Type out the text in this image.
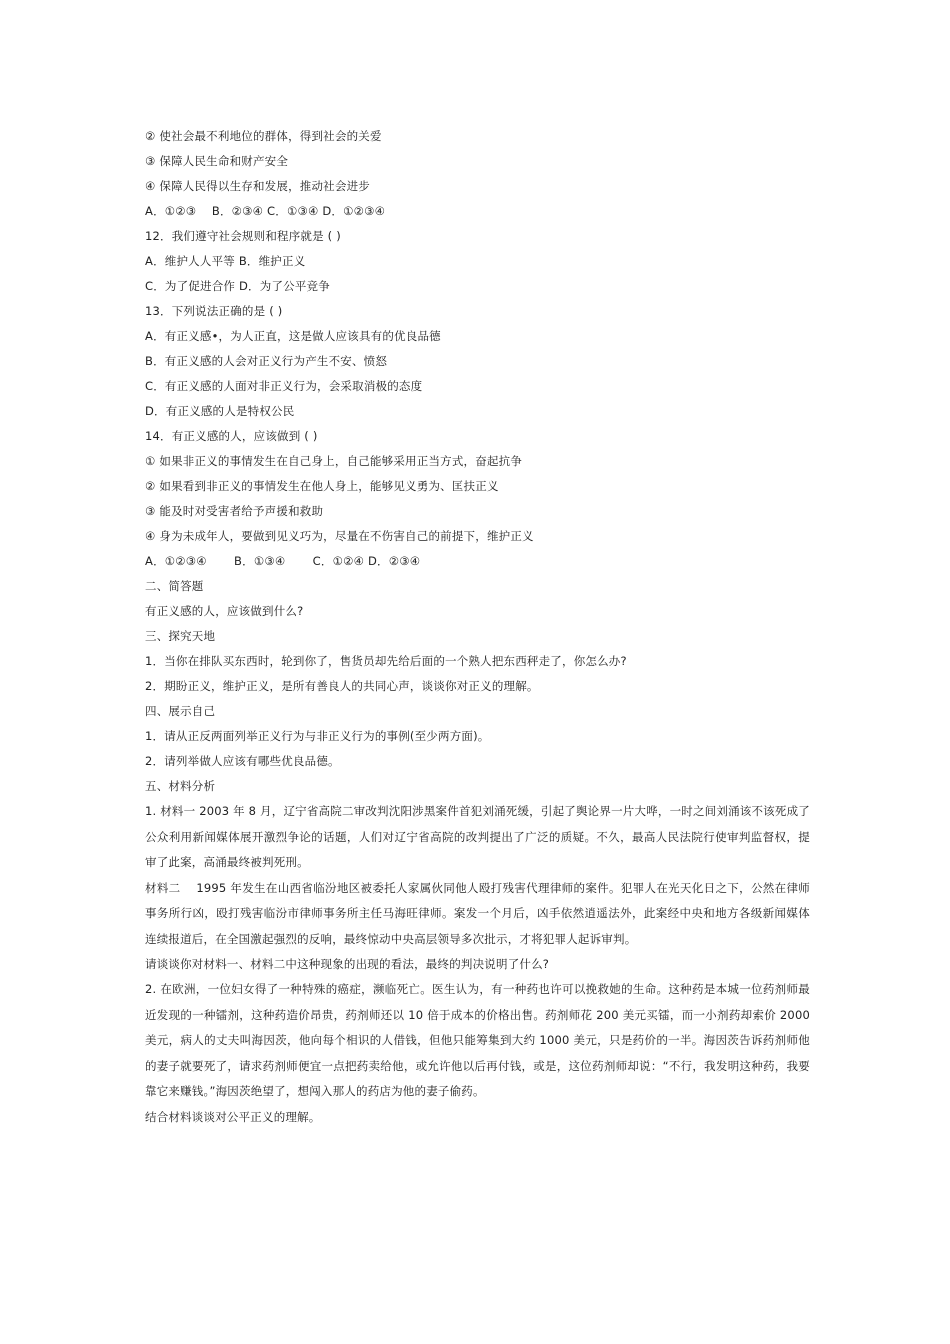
② 使社会最不利地位的群体，得到社会的关爱
③ 保障人民生命和财产安全
④ 保障人民得以生存和发展，推动社会进步
A．①②③　 B．②③④ C．①③④ D．①②③④
12．我们遵守社会规则和程序就是 ( )
A．维护人人平等 B．维护正义
C．为了促进合作 D．为了公平竞争
13．下列说法正确的是 ( )
A．有正义感•，为人正直，这是做人应该具有的优良品德
B．有正义感的人会对正义行为产生不安、愤怒
C．有正义感的人面对非正义行为，会采取消极的态度
D．有正义感的人是特权公民
14．有正义感的人，应该做到 ( )
① 如果非正义的事情发生在自己身上，自己能够采用正当方式，奋起抗争
② 如果看到非正义的事情发生在他人身上，能够见义勇为、匡扶正义
③ 能及时对受害者给予声援和救助
④ 身为未成年人，要做到见义巧为，尽量在不伤害自己的前提下，维护正义
A．①②③④　　 B．①③④　　 C．①②④ D．②③④
二、简答题
有正义感的人，应该做到什么?
三、探究天地
1．当你在排队买东西时，轮到你了，售货员却先给后面的一个熟人把东西秤走了，你怎么办?
2．期盼正义，维护正义，是所有善良人的共同心声，谈谈你对正义的理解。
四、展示自己
1．请从正反两面列举正义行为与非正义行为的事例(至少两方面)。
2．请列举做人应该有哪些优良品德。
五、材料分析

1. 材料一 2003 年 8 月，辽宁省高院二审改判沈阳涉黑案件首犯刘涌死缓，引起了舆论界一片大哗，一时之间刘涌该不该死成了公众利用新闻媒体展开激烈争论的话题，人们对辽宁省高院的改判提出了广泛的质疑。不久，最高人民法院行使审判监督权，提审了此案，高涌最终被判死刑。

材料二　 1995 年发生在山西省临汾地区被委托人家属伙同他人殴打残害代理律师的案件。犯罪人在光天化日之下，公然在律师事务所行凶，殴打残害临汾市律师事务所主任马海旺律师。案发一个月后，凶手依然逍遥法外，此案经中央和地方各级新闻媒体连续报道后，在全国激起强烈的反响，最终惊动中央高层领导多次批示，才将犯罪人起诉审判。

请谈谈你对材料一、材料二中这种现象的出现的看法，最终的判决说明了什么?

2. 在欧洲，一位妇女得了一种特殊的癌症，濒临死亡。医生认为，有一种药也许可以挽救她的生命。这种药是本城一位药剂师最近发现的一种镭剂，这种药造价昂贵，药剂师还以 10 倍于成本的价格出售。药剂师花 200 美元买镭，而一小剂药却索价 2000 美元，病人的丈夫叫海因茨，他向每个相识的人借钱，但他只能筹集到大约 1000 美元，只是药价的一半。海因茨告诉药剂师他的妻子就要死了，请求药剂师便宜一点把药卖给他，或允许他以后再付钱，或是，这位药剂师却说：“不行，我发明这种药，我要靠它来赚钱。”海因茨绝望了，想闯入那人的药店为他的妻子偷药。

结合材料谈谈对公平正义的理解。
